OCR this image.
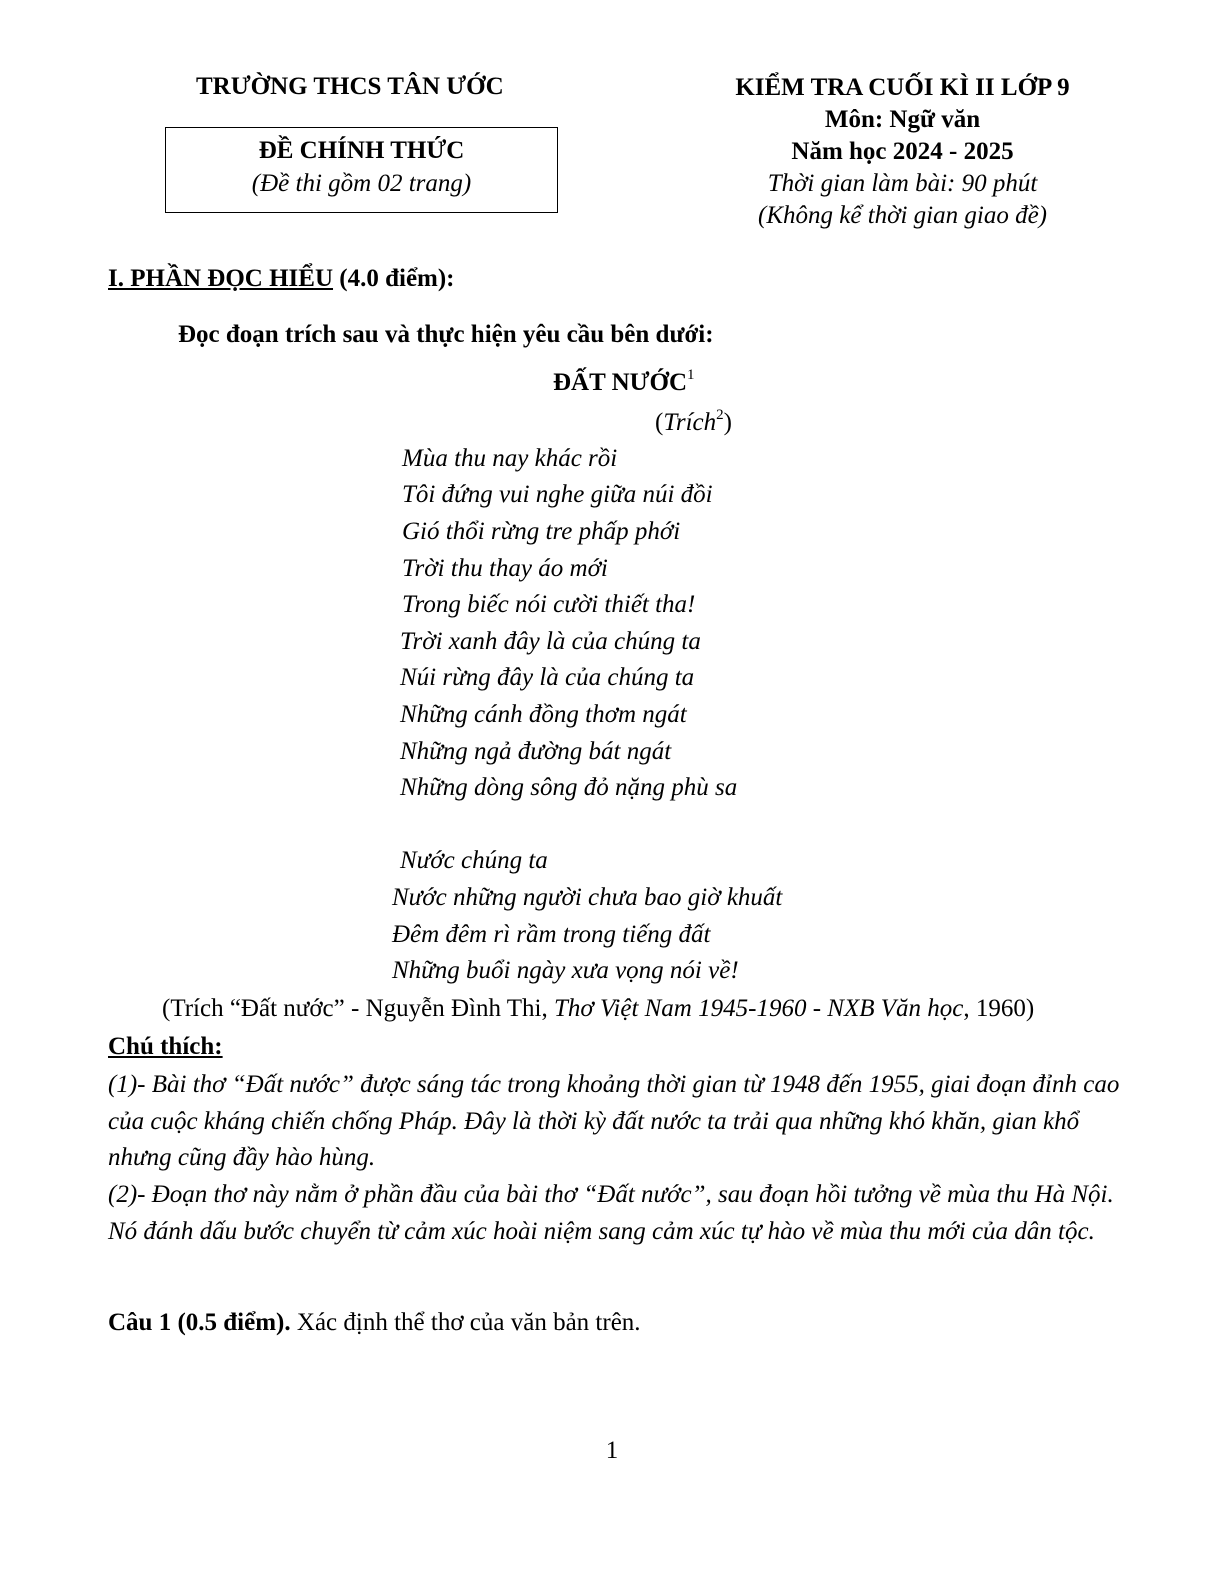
TRƯỜNG THCS TÂN ƯỚC
ĐỀ CHÍNH THỨC
(Đề thi gồm 02 trang)
KIỂM TRA CUỐI KÌ II LỚP 9
Môn: Ngữ văn
Năm học 2024 - 2025
Thời gian làm bài: 90 phút
(Không kể thời gian giao đề)
I. PHẦN ĐỌC HIỂU (4.0 điểm):
Đọc đoạn trích sau và thực hiện yêu cầu bên dưới:
ĐẤT NƯỚC$^1$
(Trích$^2$)
Mùa thu nay khác rồi
Tôi đứng vui nghe giữa núi đồi
Gió thổi rừng tre phấp phới
Trời thu thay áo mới
Trong biếc nói cười thiết tha!
Trời xanh đây là của chúng ta
Núi rừng đây là của chúng ta
Những cánh đồng thơm ngát
Những ngả đường bát ngát
Những dòng sông đỏ nặng phù sa
Nước chúng ta
Nước những người chưa bao giờ khuất
Đêm đêm rì rầm trong tiếng đất
Những buổi ngày xưa vọng nói về!
(Trích “Đất nước” - Nguyễn Đình Thi, Thơ Việt Nam 1945-1960 - NXB Văn học, 1960)
Chú thích:
(1)- Bài thơ “Đất nước” được sáng tác trong khoảng thời gian từ 1948 đến 1955, giai đoạn đỉnh cao của cuộc kháng chiến chống Pháp. Đây là thời kỳ đất nước ta trải qua những khó khăn, gian khổ nhưng cũng đầy hào hùng.
(2)- Đoạn thơ này nằm ở phần đầu của bài thơ “Đất nước”, sau đoạn hồi tưởng về mùa thu Hà Nội. Nó đánh dấu bước chuyển từ cảm xúc hoài niệm sang cảm xúc tự hào về mùa thu mới của dân tộc.
Câu 1 (0.5 điểm). Xác định thể thơ của văn bản trên.
1
